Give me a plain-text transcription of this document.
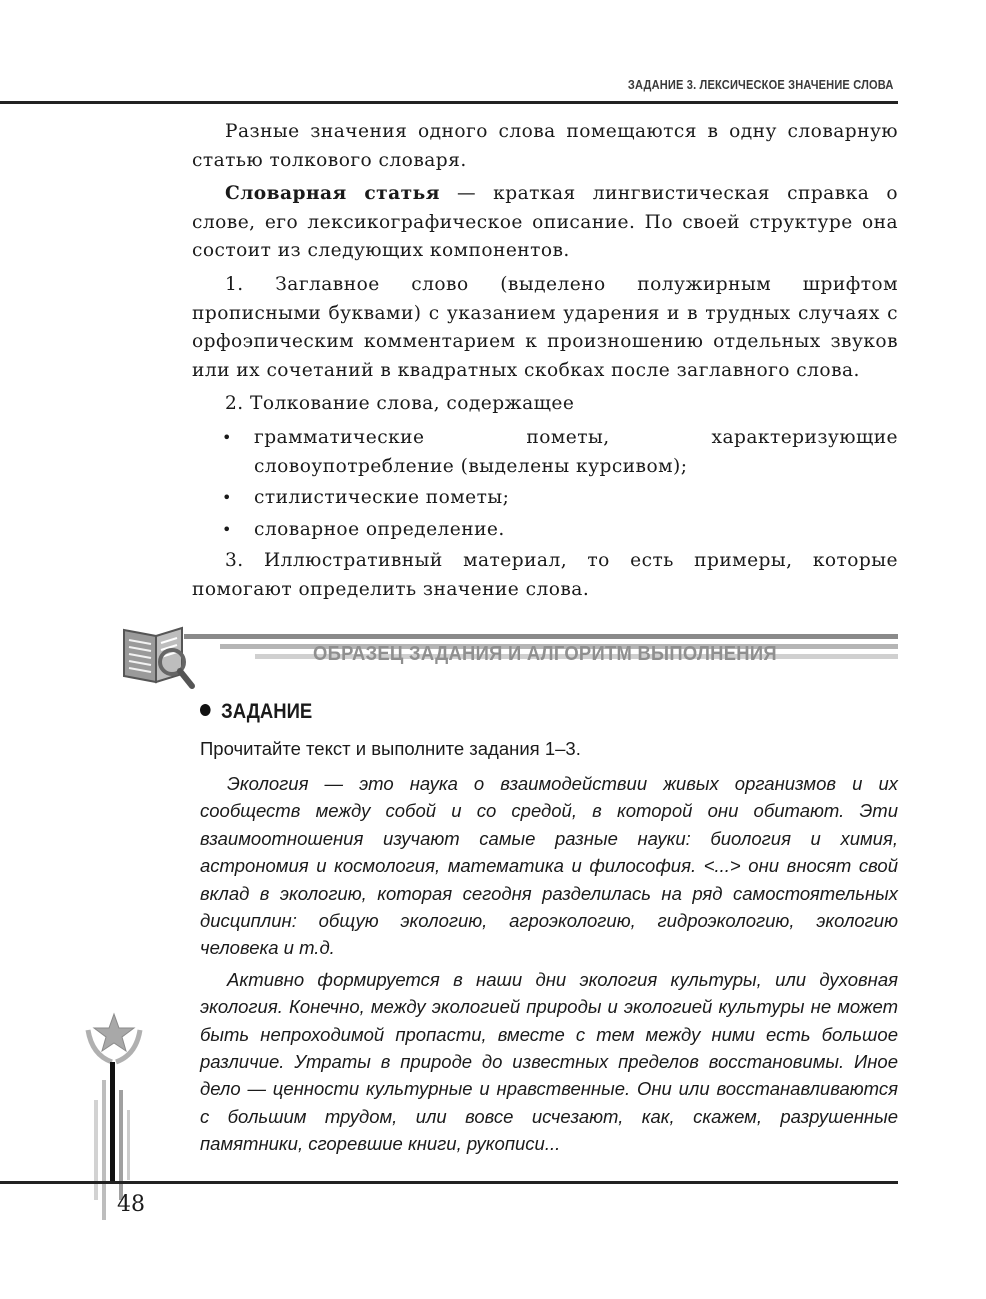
ЗАДАНИЕ 3. ЛЕКСИЧЕСКОЕ ЗНАЧЕНИЕ СЛОВА

Разные значения одного слова помещаются в одну словарную статью толкового словаря.

Словарная статья — краткая лингвистическая справка о слове, его лексикографическое описание. По своей структуре она состоит из следующих компонентов.

1. Заглавное слово (выделено полужирным шрифтом прописными буквами) с указанием ударения и в трудных случаях с орфоэпическим комментарием к произношению отдельных звуков или их сочетаний в квадратных скобках после заглавного слова.

2. Толкование слова, содержащее

• грамматические пометы, характеризующие словоупотребление (выделены курсивом);

• стилистические пометы;

• словарное определение.

3. Иллюстративный материал, то есть примеры, которые помогают определить значение слова.

ОБРАЗЕЦ ЗАДАНИЯ И АЛГОРИТМ ВЫПОЛНЕНИЯ
ЗАДАНИЕ
Прочитайте текст и выполните задания 1–3.

Экология — это наука о взаимодействии живых организмов и их сообществ между собой и со средой, в которой они обитают. Эти взаимоотношения изучают самые разные науки: биология и химия, астрономия и космология, математика и философия. <...> они вносят свой вклад в экологию, которая сегодня разделилась на ряд самостоятельных дисциплин: общую экологию, агроэкологию, гидроэкологию, экологию человека и т.д.

Активно формируется в наши дни экология культуры, или духовная экология. Конечно, между экологией природы и экологией культуры не может быть непроходимой пропасти, вместе с тем между ними есть большое различие. Утраты в природе до известных пределов восстановимы. Иное дело — ценности культурные и нравственные. Они или восстанавливаются с большим трудом, или вовсе исчезают, как, скажем, разрушенные памятники, сгоревшие книги, рукописи...

48
